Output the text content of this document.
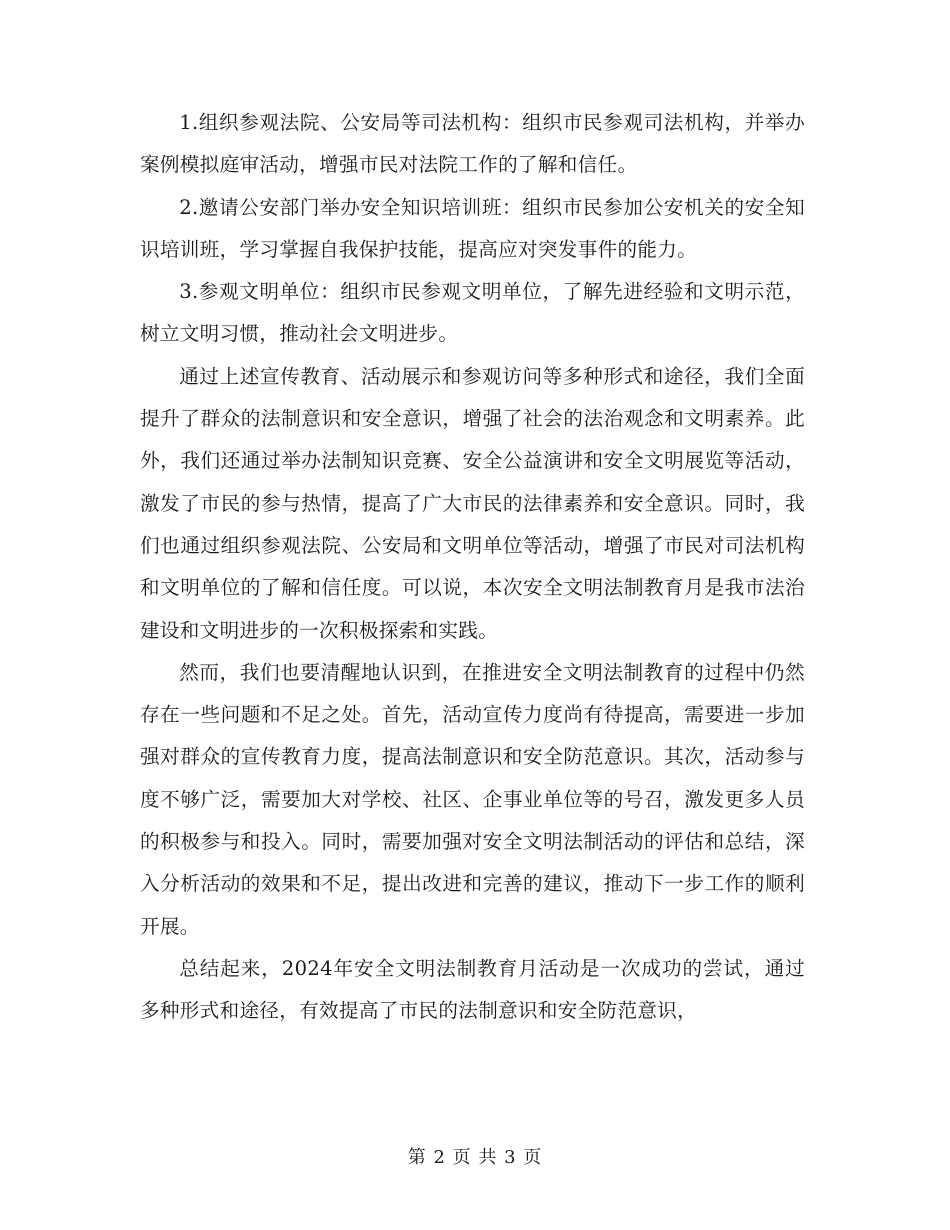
1.组织参观法院、公安局等司法机构：组织市民参观司法机构，并举办案例模拟庭审活动，增强市民对法院工作的了解和信任。

2.邀请公安部门举办安全知识培训班：组织市民参加公安机关的安全知识培训班，学习掌握自我保护技能，提高应对突发事件的能力。

3.参观文明单位：组织市民参观文明单位，了解先进经验和文明示范，树立文明习惯，推动社会文明进步。

通过上述宣传教育、活动展示和参观访问等多种形式和途径，我们全面提升了群众的法制意识和安全意识，增强了社会的法治观念和文明素养。此外，我们还通过举办法制知识竞赛、安全公益演讲和安全文明展览等活动，激发了市民的参与热情，提高了广大市民的法律素养和安全意识。同时，我们也通过组织参观法院、公安局和文明单位等活动，增强了市民对司法机构和文明单位的了解和信任度。可以说，本次安全文明法制教育月是我市法治建设和文明进步的一次积极探索和实践。

然而，我们也要清醒地认识到，在推进安全文明法制教育的过程中仍然存在一些问题和不足之处。首先，活动宣传力度尚有待提高，需要进一步加强对群众的宣传教育力度，提高法制意识和安全防范意识。其次，活动参与度不够广泛，需要加大对学校、社区、企事业单位等的号召，激发更多人员的积极参与和投入。同时，需要加强对安全文明法制活动的评估和总结，深入分析活动的效果和不足，提出改进和完善的建议，推动下一步工作的顺利开展。

总结起来，2024年安全文明法制教育月活动是一次成功的尝试，通过多种形式和途径，有效提高了市民的法制意识和安全防范意识，

第 2 页 共 3 页
